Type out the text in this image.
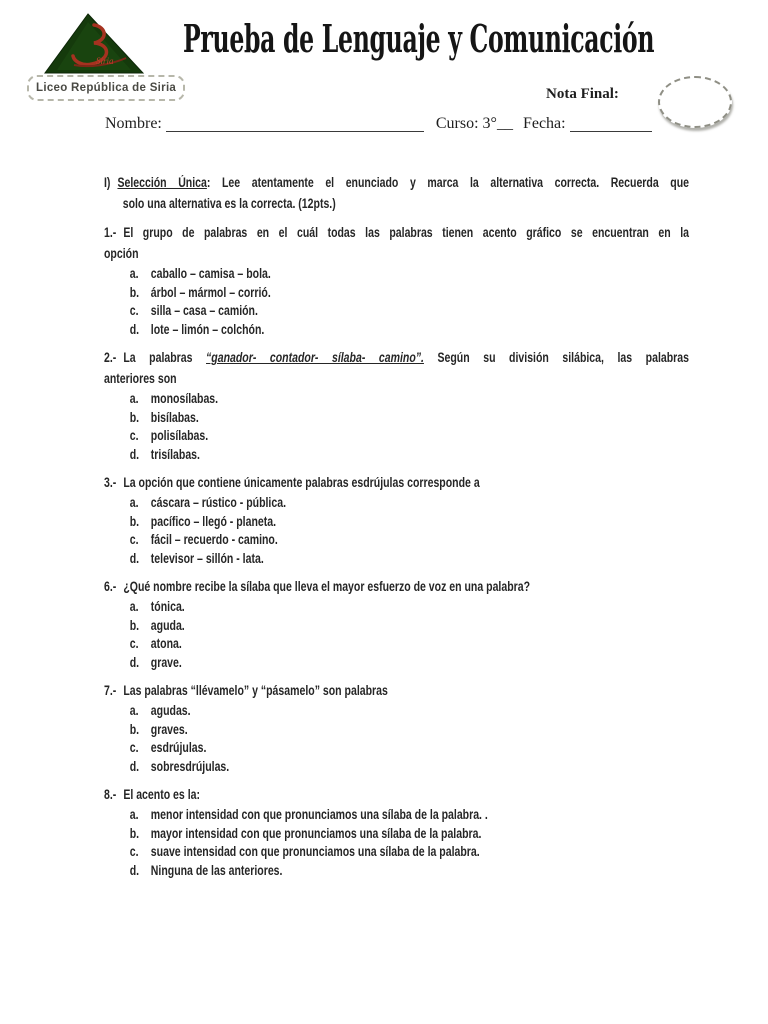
Siria
Liceo República de Siria
Prueba de Lenguaje y Comunicación
Nota Final:
Nombre:	Curso: 3° __ Fecha:
I) Selección Única: Lee atentamente el enunciado y marca la alternativa correcta. Recuerda que
solo una alternativa es la correcta. (12pts.)
1.- El grupo de palabras en el cuál todas las palabras tienen acento gráfico se encuentran en la
opción
a. caballo – camisa – bola.
b. árbol – mármol – corrió.
c. silla – casa – camión.
d. lote – limón – colchón.
2.- La palabras “ganador- contador- sílaba- camino”. Según su división silábica, las palabras
anteriores son
a. monosílabas.
b. bisílabas.
c. polisílabas.
d. trisílabas.
3.- La opción que contiene únicamente palabras esdrújulas corresponde a
a. cáscara – rústico - pública.
b. pacífico – llegó - planeta.
c. fácil – recuerdo - camino.
d. televisor – sillón - lata.
6.- ¿Qué nombre recibe la sílaba que lleva el mayor esfuerzo de voz en una palabra?
a. tónica.
b. aguda.
c. atona.
d. grave.
7.- Las palabras “llévamelo” y “pásamelo” son palabras
a. agudas.
b. graves.
c. esdrújulas.
d. sobresdrújulas.
8.- El acento es la:
a. menor intensidad con que pronunciamos una sílaba de la palabra. .
b. mayor intensidad con que pronunciamos una sílaba de la palabra.
c. suave intensidad con que pronunciamos una sílaba de la palabra.
d. Ninguna de las anteriores.
